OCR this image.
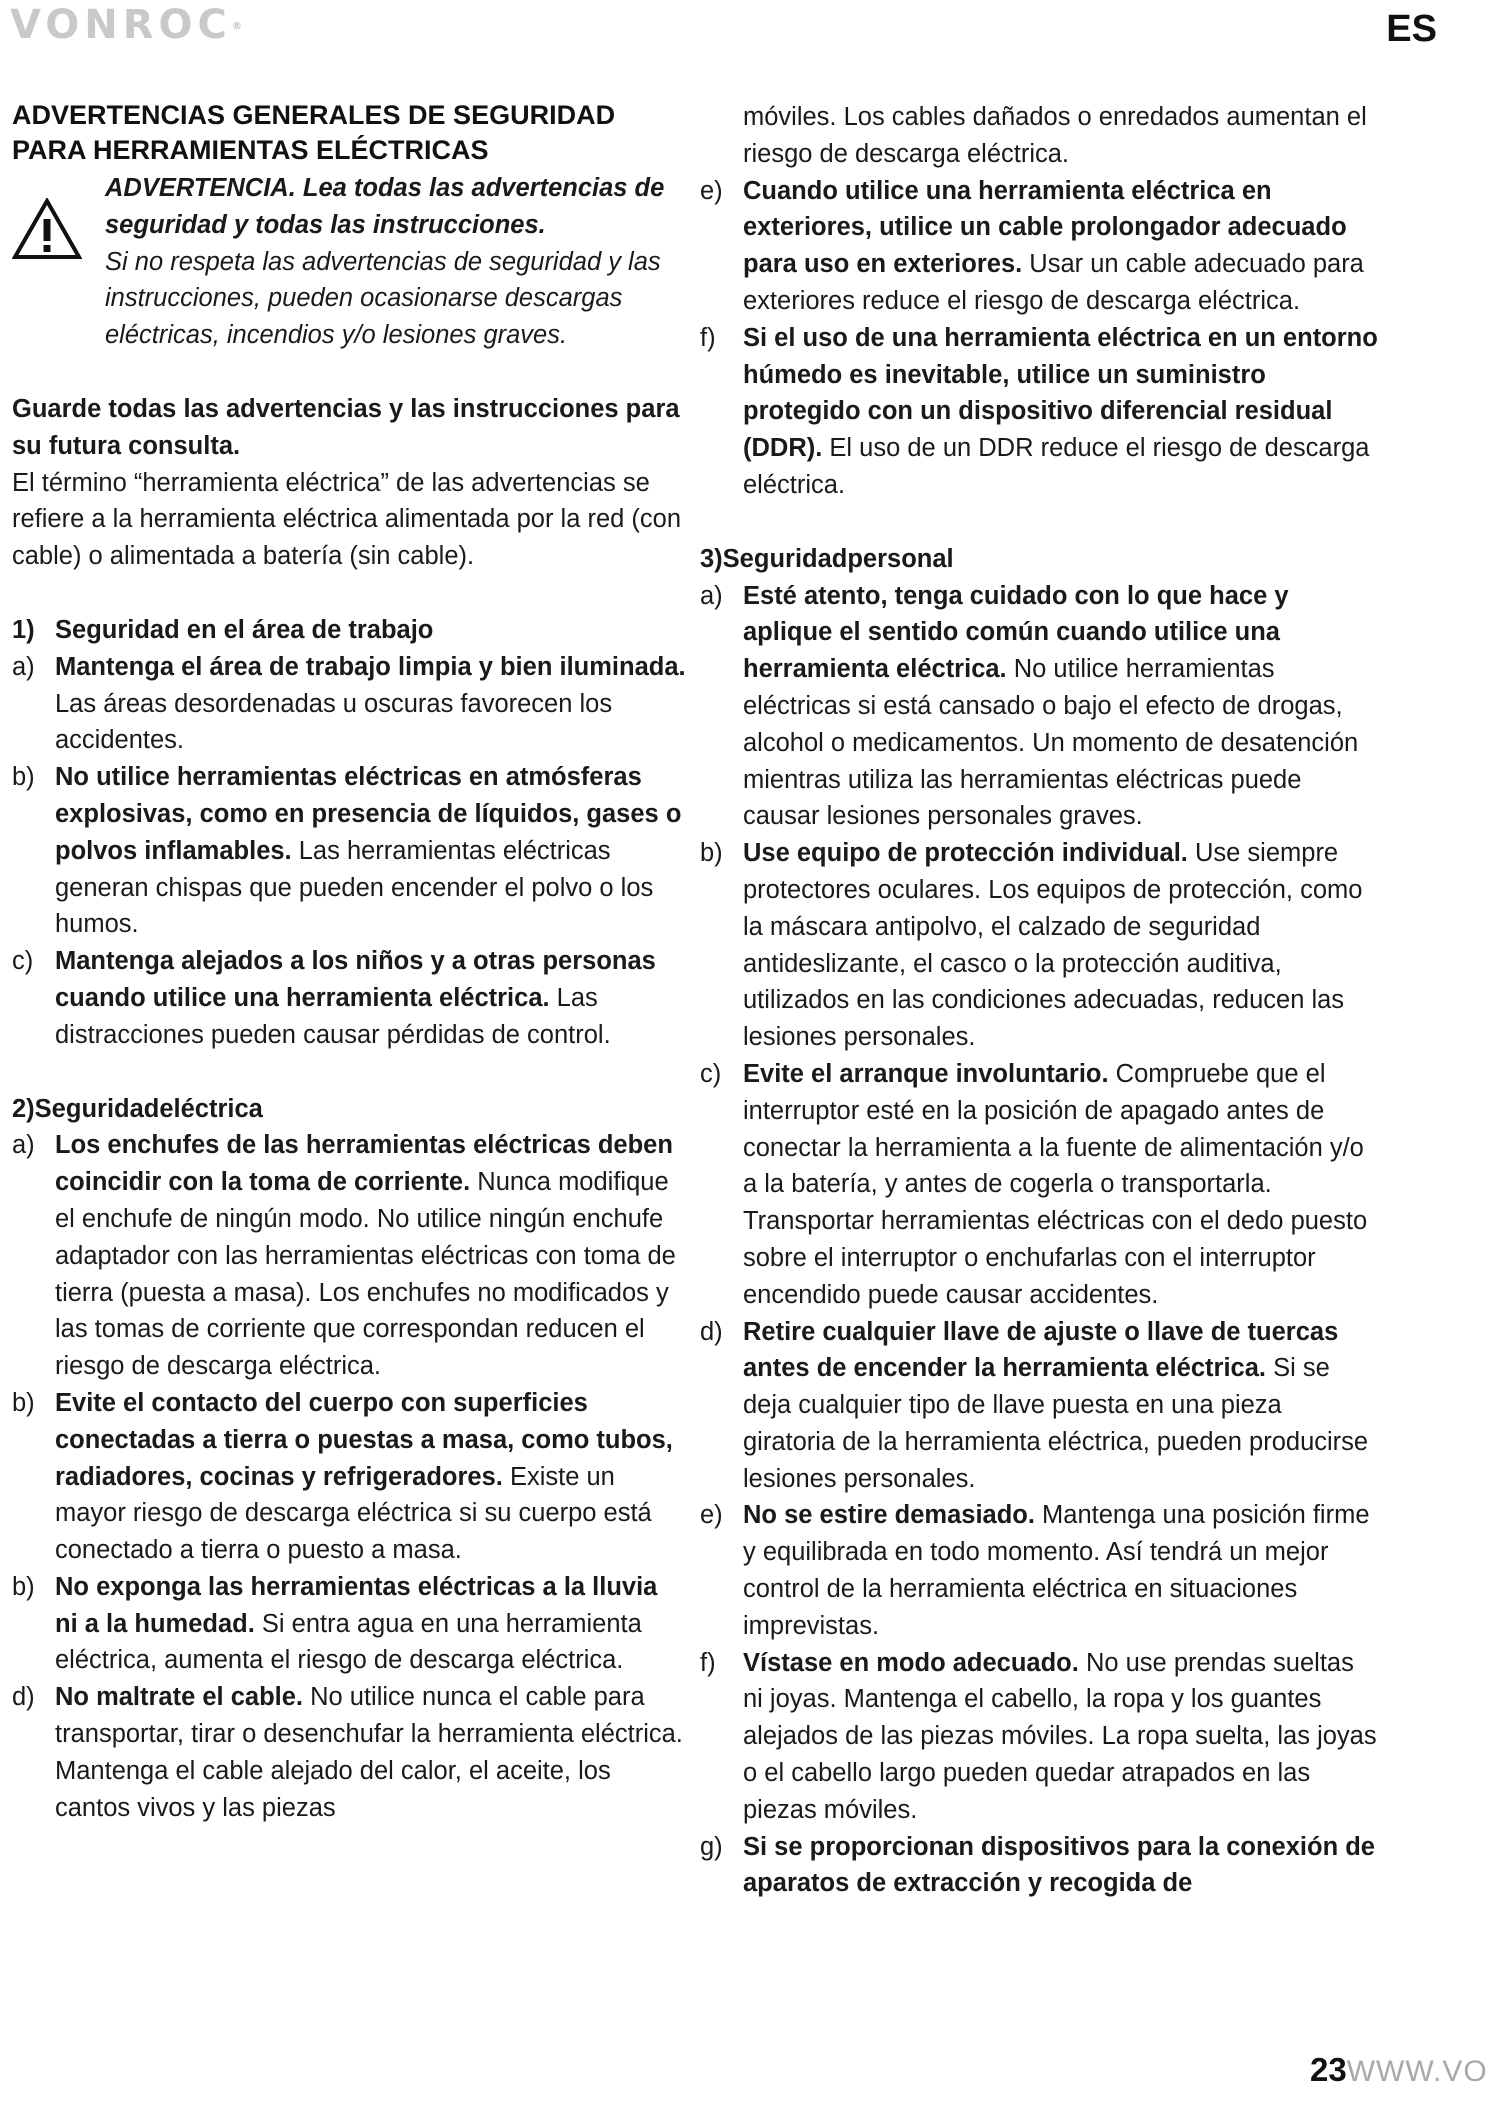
VONROC®	ES
ADVERTENCIAS GENERALES DE SEGURIDAD PARA HERRAMIENTAS ELÉCTRICAS

ADVERTENCIA. Lea todas las advertencias de seguridad y todas las instrucciones.

Si no respeta las advertencias de seguridad y las instrucciones, pueden ocasionarse descargas eléctricas, incendios y/o lesiones graves.

Guarde todas las advertencias y las instrucciones para su futura consulta.

El término “herramienta eléctrica” de las advertencias se refiere a la herramienta eléctrica alimentada por la red (con cable) o alimentada a batería (sin cable).

1) Seguridad en el área de trabajo

a) Mantenga el área de trabajo limpia y bien iluminada. Las áreas desordenadas u oscuras favorecen los accidentes.

b) No utilice herramientas eléctricas en atmósferas explosivas, como en presencia de líquidos, gases o polvos inflamables. Las herramientas eléctricas generan chispas que pueden encender el polvo o los humos.

c) Mantenga alejados a los niños y a otras personas cuando utilice una herramienta eléctrica. Las distracciones pueden causar pérdidas de control.

2)Seguridadeléctrica

a) Los enchufes de las herramientas eléctricas deben coincidir con la toma de corriente. Nunca modifique el enchufe de ningún modo. No utilice ningún enchufe adaptador con las herramientas eléctricas con toma de tierra (puesta a masa). Los enchufes no modificados y las tomas de corriente que correspondan reducen el riesgo de descarga eléctrica.

b) Evite el contacto del cuerpo con superficies conectadas a tierra o puestas a masa, como tubos, radiadores, cocinas y refrigeradores. Existe un mayor riesgo de descarga eléctrica si su cuerpo está conectado a tierra o puesto a masa.

b) No exponga las herramientas eléctricas a la lluvia ni a la humedad. Si entra agua en una herramienta eléctrica, aumenta el riesgo de descarga eléctrica.

d) No maltrate el cable. No utilice nunca el cable para transportar, tirar o desenchufar la herramienta eléctrica. Mantenga el cable alejado del calor, el aceite, los cantos vivos y las piezas

móviles. Los cables dañados o enredados aumentan el riesgo de descarga eléctrica.

e) Cuando utilice una herramienta eléctrica en exteriores, utilice un cable prolongador adecuado para uso en exteriores. Usar un cable adecuado para exteriores reduce el riesgo de descarga eléctrica.

f) Si el uso de una herramienta eléctrica en un entorno húmedo es inevitable, utilice un suministro protegido con un dispositivo diferencial residual (DDR). El uso de un DDR reduce el riesgo de descarga eléctrica.

3)Seguridadpersonal

a) Esté atento, tenga cuidado con lo que hace y aplique el sentido común cuando utilice una herramienta eléctrica. No utilice herramientas eléctricas si está cansado o bajo el efecto de drogas, alcohol o medicamentos. Un momento de desatención mientras utiliza las herramientas eléctricas puede causar lesiones personales graves.

b) Use equipo de protección individual. Use siempre protectores oculares. Los equipos de protección, como la máscara antipolvo, el calzado de seguridad antideslizante, el casco o la protección auditiva, utilizados en las condiciones adecuadas, reducen las lesiones personales.

c) Evite el arranque involuntario. Compruebe que el interruptor esté en la posición de apagado antes de conectar la herramienta a la fuente de alimentación y/o a la batería, y antes de cogerla o transportarla. Transportar herramientas eléctricas con el dedo puesto sobre el interruptor o enchufarlas con el interruptor encendido puede causar accidentes.

d) Retire cualquier llave de ajuste o llave de tuercas antes de encender la herramienta eléctrica. Si se deja cualquier tipo de llave puesta en una pieza giratoria de la herramienta eléctrica, pueden producirse lesiones personales.

e) No se estire demasiado. Mantenga una posición firme y equilibrada en todo momento. Así tendrá un mejor control de la herramienta eléctrica en situaciones imprevistas.

f) Vístase en modo adecuado. No use prendas sueltas ni joyas. Mantenga el cabello, la ropa y los guantes alejados de las piezas móviles. La ropa suelta, las joyas o el cabello largo pueden quedar atrapados en las piezas móviles.

g) Si se proporcionan dispositivos para la conexión de aparatos de extracción y recogida de

23WWW.VO
